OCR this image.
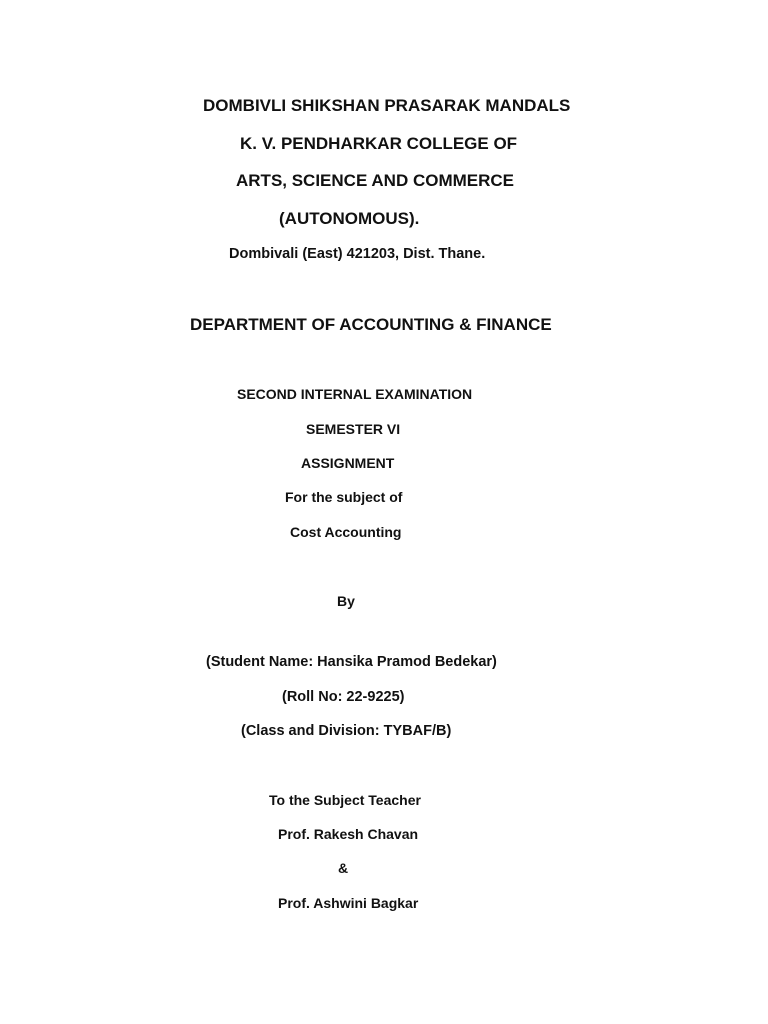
DOMBIVLI SHIKSHAN PRASARAK MANDALS
K. V. PENDHARKAR COLLEGE OF
ARTS, SCIENCE AND COMMERCE
(AUTONOMOUS).
Dombivali (East) 421203, Dist. Thane.
DEPARTMENT OF ACCOUNTING & FINANCE
SECOND INTERNAL EXAMINATION
SEMESTER VI
ASSIGNMENT
For the subject of
Cost Accounting
By
(Student Name: Hansika Pramod Bedekar)
(Roll No: 22-9225)
(Class and Division: TYBAF/B)
To the Subject Teacher
Prof. Rakesh Chavan
&
Prof. Ashwini Bagkar
